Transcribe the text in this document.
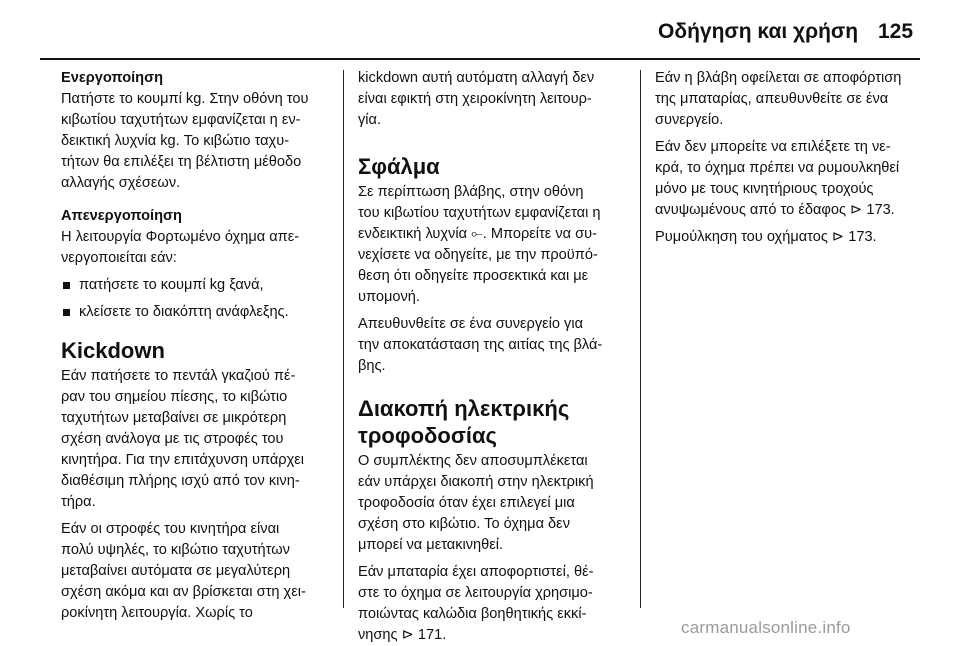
Οδήγηση και χρήση 125
Ενεργοποίηση
Πατήστε το κουμπί kg. Στην οθόνη του
κιβωτίου ταχυτήτων εμφανίζεται η εν-
δεικτική λυχνία kg. Το κιβώτιο ταχυ-
τήτων θα επιλέξει τη βέλτιστη μέθοδο
αλλαγής σχέσεων.
Απενεργοποίηση
Η λειτουργία Φορτωμένο όχημα απε-
νεργοποιείται εάν:
πατήσετε το κουμπί kg ξανά,
κλείσετε το διακόπτη ανάφλεξης.
Kickdown
Εάν πατήσετε το πεντάλ γκαζιού πέ-
ραν του σημείου πίεσης, το κιβώτιο
ταχυτήτων μεταβαίνει σε μικρότερη
σχέση ανάλογα με τις στροφές του
κινητήρα. Για την επιτάχυνση υπάρχει
διαθέσιμη πλήρης ισχύ από τον κινη-
τήρα.
Εάν οι στροφές του κινητήρα είναι
πολύ υψηλές, το κιβώτιο ταχυτήτων
μεταβαίνει αυτόματα σε μεγαλύτερη
σχέση ακόμα και αν βρίσκεται στη χει-
ροκίνητη λειτουργία. Χωρίς το
kickdown αυτή αυτόματη αλλαγή δεν
είναι εφικτή στη χειροκίνητη λειτουρ-
γία.
Σφάλμα
Σε περίπτωση βλάβης, στην οθόνη
του κιβωτίου ταχυτήτων εμφανίζεται η
ενδεικτική λυχνία ⟜. Μπορείτε να συ-
νεχίσετε να οδηγείτε, με την προϋπό-
θεση ότι οδηγείτε προσεκτικά και με
υπομονή.
Απευθυνθείτε σε ένα συνεργείο για
την αποκατάσταση της αιτίας της βλά-
βης.
Διακοπή ηλεκτρικής
τροφοδοσίας
Ο συμπλέκτης δεν αποσυμπλέκεται
εάν υπάρχει διακοπή στην ηλεκτρική
τροφοδοσία όταν έχει επιλεγεί μια
σχέση στο κιβώτιο. Το όχημα δεν
μπορεί να μετακινηθεί.
Εάν μπαταρία έχει αποφορτιστεί, θέ-
στε το όχημα σε λειτουργία χρησιμο-
ποιώντας καλώδια βοηθητικής εκκί-
νησης ⊳ 171.
Εάν η βλάβη οφείλεται σε αποφόρτιση
της μπαταρίας, απευθυνθείτε σε ένα
συνεργείο.
Εάν δεν μπορείτε να επιλέξετε τη νε-
κρά, το όχημα πρέπει να ρυμουλκηθεί
μόνο με τους κινητήριους τροχούς
ανυψωμένους από το έδαφος ⊳ 173.
Ρυμούλκηση του οχήματος ⊳ 173.
carmanualsonline.info
